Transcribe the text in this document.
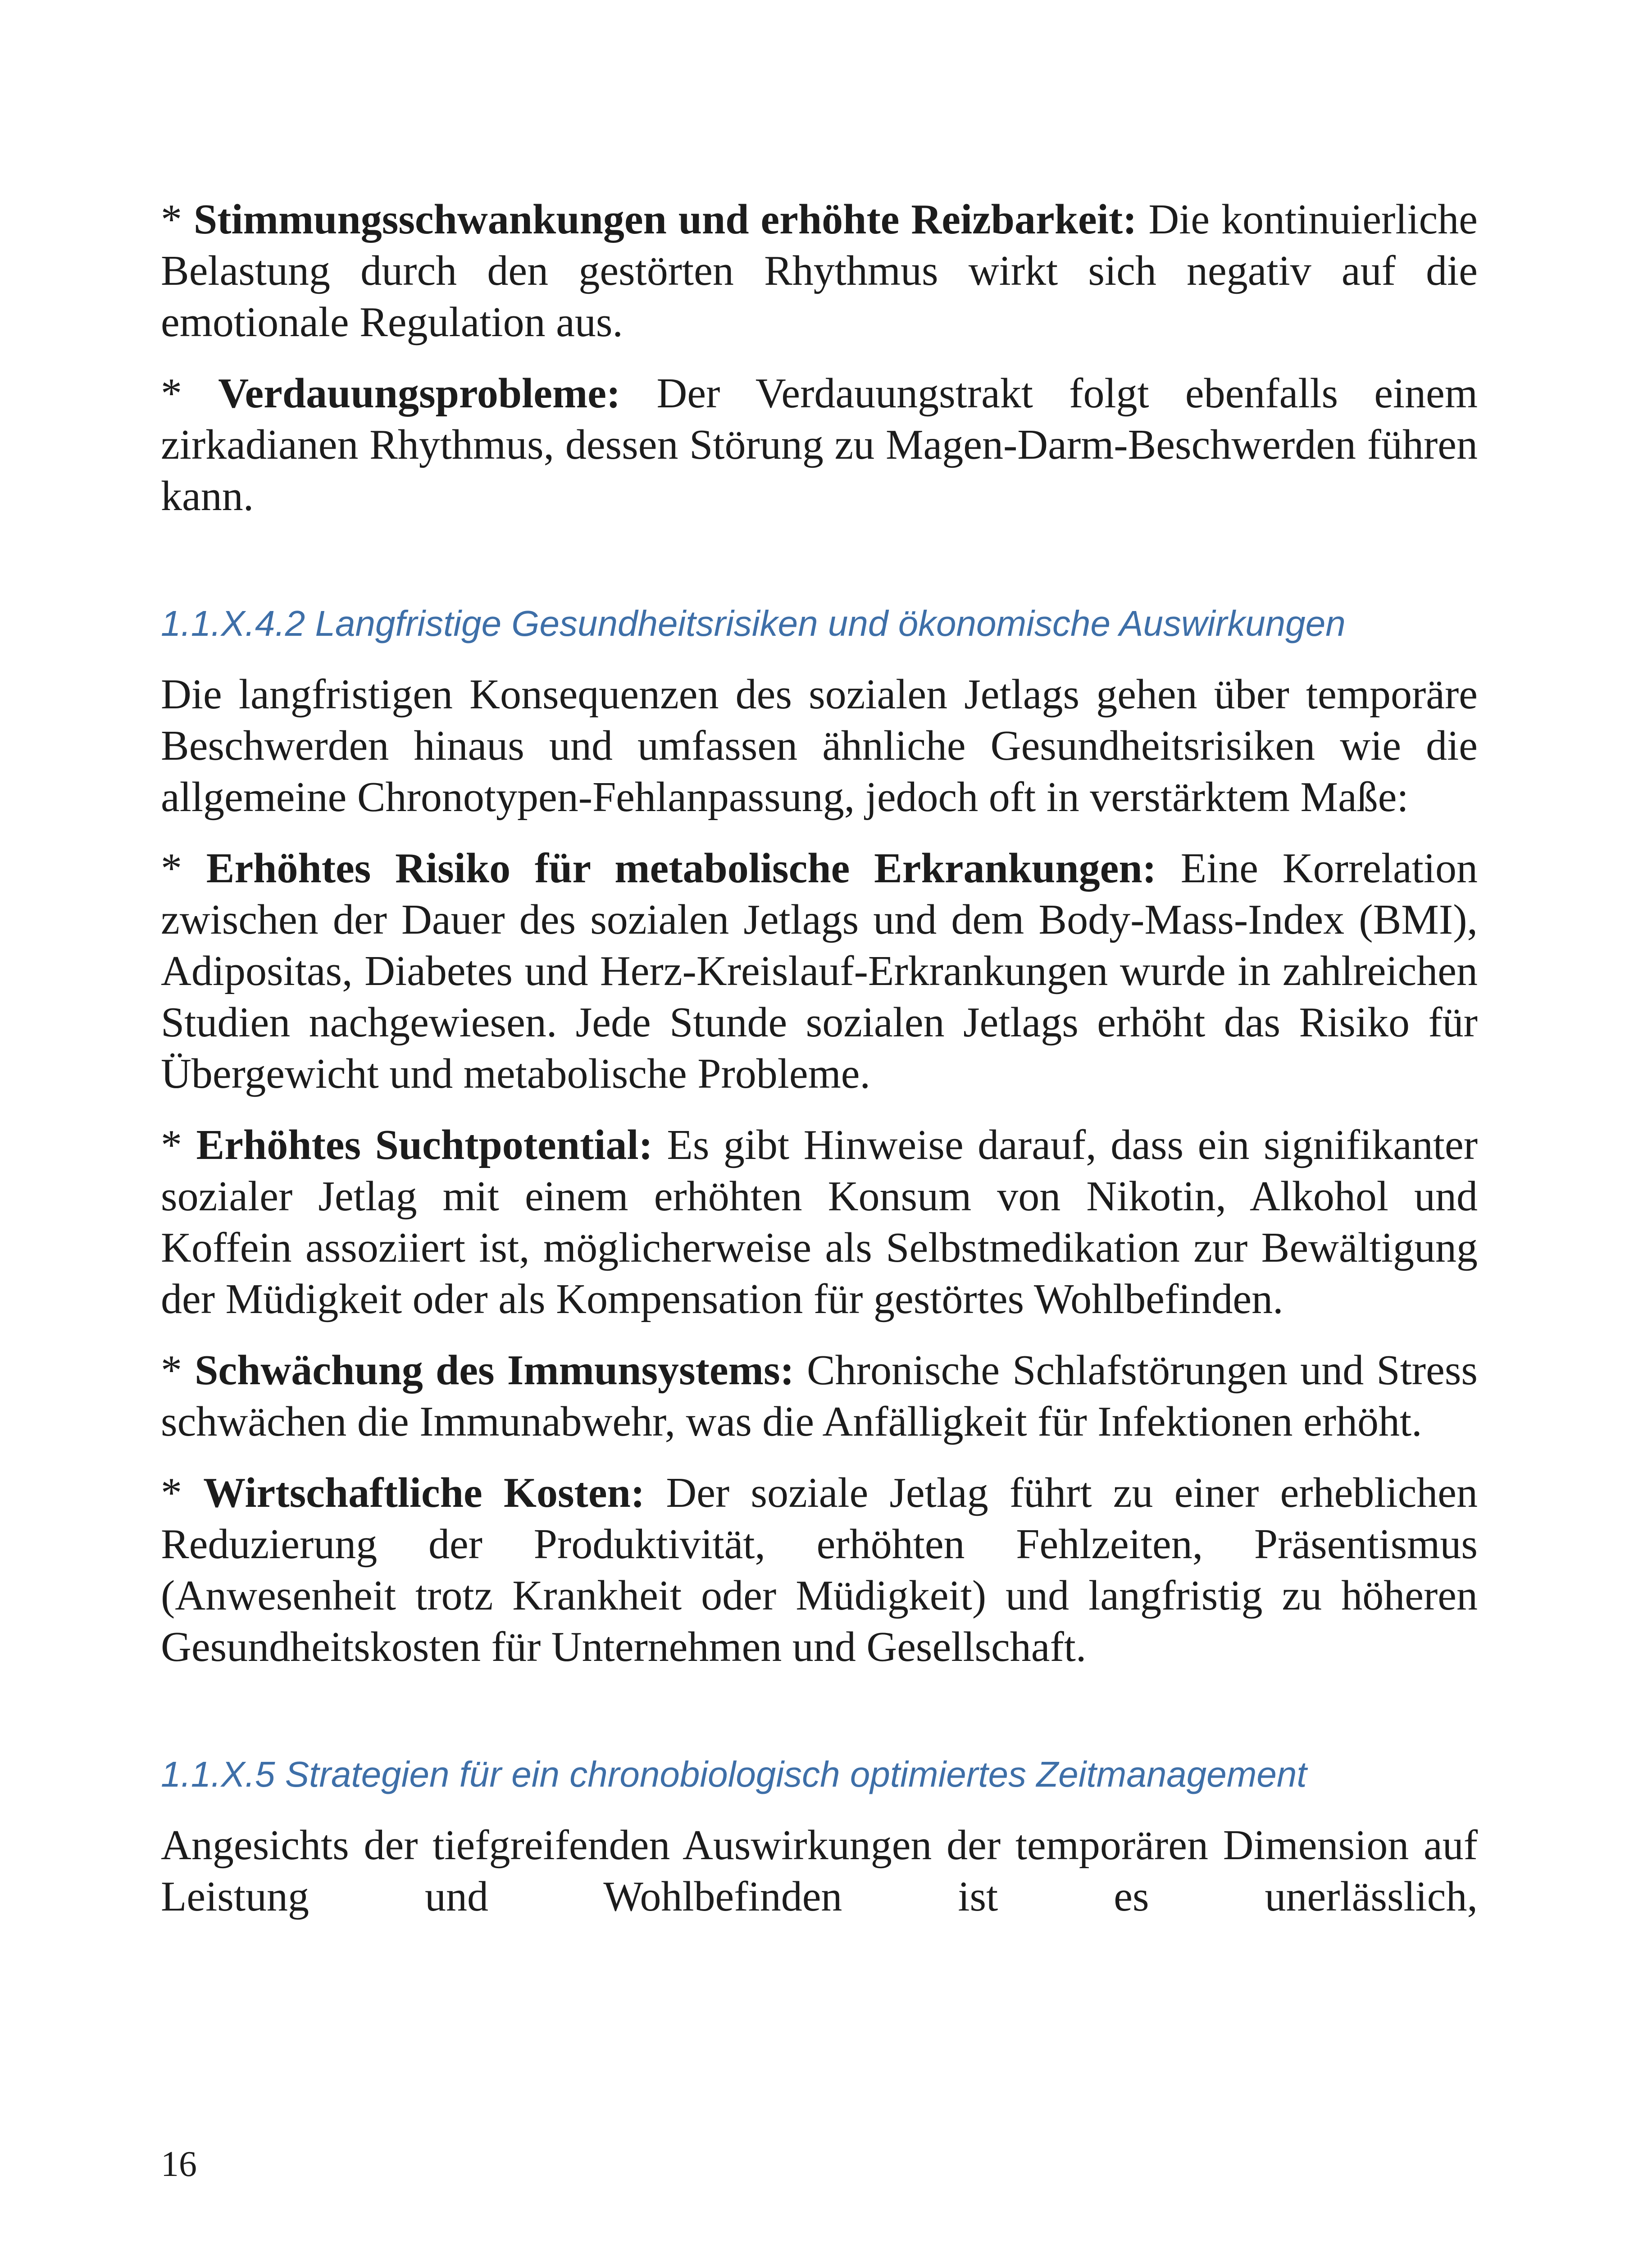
* Stimmungsschwankungen und erhöhte Reizbarkeit: Die kontinuierliche Belastung durch den gestörten Rhythmus wirkt sich negativ auf die emotionale Regulation aus.

* Verdauungsprobleme: Der Verdauungstrakt folgt ebenfalls einem zirkadianen Rhythmus, dessen Störung zu Magen-Darm-Beschwerden führen kann.

1.1.X.4.2 Langfristige Gesundheitsrisiken und ökonomische Auswirkungen

Die langfristigen Konsequenzen des sozialen Jetlags gehen über temporäre Beschwerden hinaus und umfassen ähnliche Gesundheitsrisiken wie die allgemeine Chronotypen-Fehlanpassung, jedoch oft in verstärktem Maße:

* Erhöhtes Risiko für metabolische Erkrankungen: Eine Korrelation zwischen der Dauer des sozialen Jetlags und dem Body-Mass-Index (BMI), Adipositas, Diabetes und Herz-Kreislauf-Erkrankungen wurde in zahlreichen Studien nachgewiesen. Jede Stunde sozialen Jetlags erhöht das Risiko für Übergewicht und metabolische Probleme.

* Erhöhtes Suchtpotential: Es gibt Hinweise darauf, dass ein signifikanter sozialer Jetlag mit einem erhöhten Konsum von Nikotin, Alkohol und Koffein assoziiert ist, möglicherweise als Selbstmedikation zur Bewältigung der Müdigkeit oder als Kompensation für gestörtes Wohlbefinden.

* Schwächung des Immunsystems: Chronische Schlafstörungen und Stress schwächen die Immunabwehr, was die Anfälligkeit für Infektionen erhöht.

* Wirtschaftliche Kosten: Der soziale Jetlag führt zu einer erheblichen Reduzierung der Produktivität, erhöhten Fehlzeiten, Präsentismus (Anwesenheit trotz Krankheit oder Müdigkeit) und langfristig zu höheren Gesundheitskosten für Unternehmen und Gesellschaft.

1.1.X.5 Strategien für ein chronobiologisch optimiertes Zeitmanagement

Angesichts der tiefgreifenden Auswirkungen der temporären Dimension auf Leistung und Wohlbefinden ist es unerlässlich,

16
